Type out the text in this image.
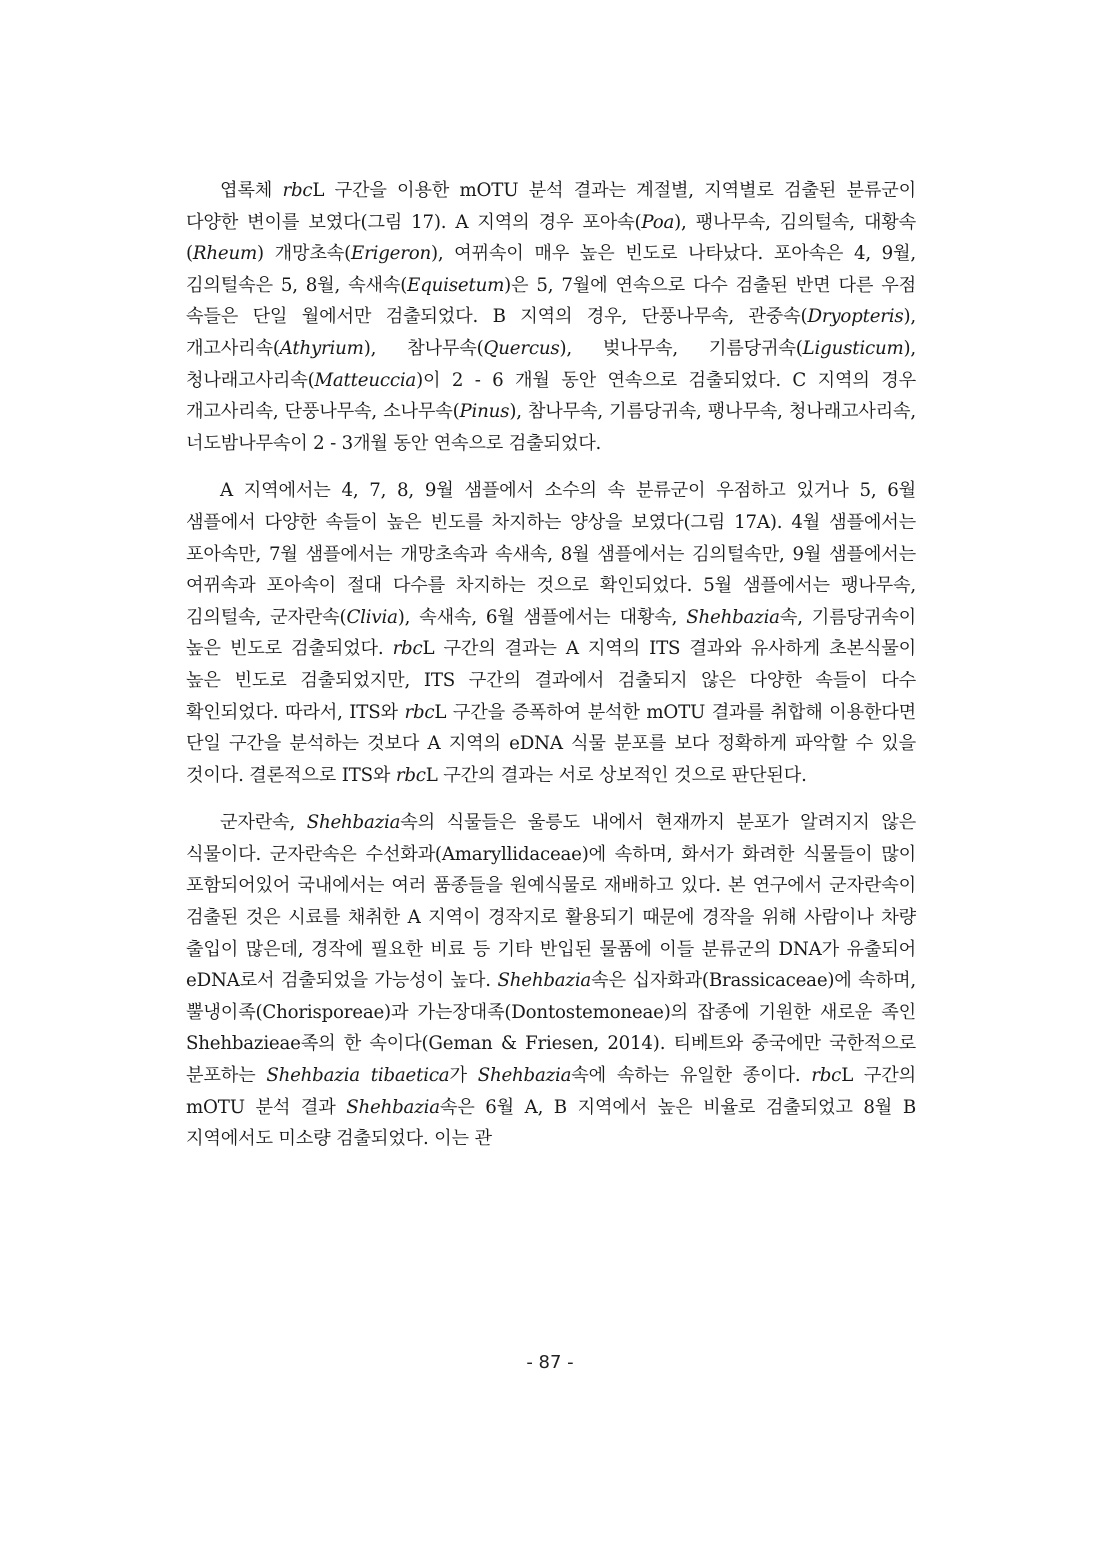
엽록체 rbcL 구간을 이용한 mOTU 분석 결과는 계절별, 지역별로 검출된 분류군이 다양한 변이를 보였다(그림 17). A 지역의 경우 포아속(Poa), 팽나무속, 김의털속, 대황속(Rheum) 개망초속(Erigeron), 여뀌속이 매우 높은 빈도로 나타났다. 포아속은 4, 9월, 김의털속은 5, 8월, 속새속(Equisetum)은 5, 7월에 연속으로 다수 검출된 반면 다른 우점 속들은 단일 월에서만 검출되었다. B 지역의 경우, 단풍나무속, 관중속(Dryopteris), 개고사리속(Athyrium), 참나무속(Quercus), 벚나무속, 기름당귀속(Ligusticum), 청나래고사리속(Matteuccia)이 2 - 6 개월 동안 연속으로 검출되었다. C 지역의 경우 개고사리속, 단풍나무속, 소나무속(Pinus), 참나무속, 기름당귀속, 팽나무속, 청나래고사리속, 너도밤나무속이 2 - 3개월 동안 연속으로 검출되었다.

A 지역에서는 4, 7, 8, 9월 샘플에서 소수의 속 분류군이 우점하고 있거나 5, 6월 샘플에서 다양한 속들이 높은 빈도를 차지하는 양상을 보였다(그림 17A). 4월 샘플에서는 포아속만, 7월 샘플에서는 개망초속과 속새속, 8월 샘플에서는 김의털속만, 9월 샘플에서는 여뀌속과 포아속이 절대 다수를 차지하는 것으로 확인되었다. 5월 샘플에서는 팽나무속, 김의털속, 군자란속(Clivia), 속새속, 6월 샘플에서는 대황속, Shehbazia속, 기름당귀속이 높은 빈도로 검출되었다. rbcL 구간의 결과는 A 지역의 ITS 결과와 유사하게 초본식물이 높은 빈도로 검출되었지만, ITS 구간의 결과에서 검출되지 않은 다양한 속들이 다수 확인되었다. 따라서, ITS와 rbcL 구간을 증폭하여 분석한 mOTU 결과를 취합해 이용한다면 단일 구간을 분석하는 것보다 A 지역의 eDNA 식물 분포를 보다 정확하게 파악할 수 있을 것이다. 결론적으로 ITS와 rbcL 구간의 결과는 서로 상보적인 것으로 판단된다.

군자란속, Shehbazia속의 식물들은 울릉도 내에서 현재까지 분포가 알려지지 않은 식물이다. 군자란속은 수선화과(Amaryllidaceae)에 속하며, 화서가 화려한 식물들이 많이 포함되어있어 국내에서는 여러 품종들을 원예식물로 재배하고 있다. 본 연구에서 군자란속이 검출된 것은 시료를 채취한 A 지역이 경작지로 활용되기 때문에 경작을 위해 사람이나 차량 출입이 많은데, 경작에 필요한 비료 등 기타 반입된 물품에 이들 분류군의 DNA가 유출되어 eDNA로서 검출되었을 가능성이 높다. Shehbazia속은 십자화과(Brassicaceae)에 속하며, 뿔냉이족(Chorisporeae)과 가는장대족(Dontostemoneae)의 잡종에 기원한 새로운 족인 Shehbazieae족의 한 속이다(Geman & Friesen, 2014). 티베트와 중국에만 국한적으로 분포하는 Shehbazia tibaetica가 Shehbazia속에 속하는 유일한 종이다. rbcL 구간의 mOTU 분석 결과 Shehbazia속은 6월 A, B 지역에서 높은 비율로 검출되었고 8월 B 지역에서도 미소량 검출되었다. 이는 관

- 87 -
